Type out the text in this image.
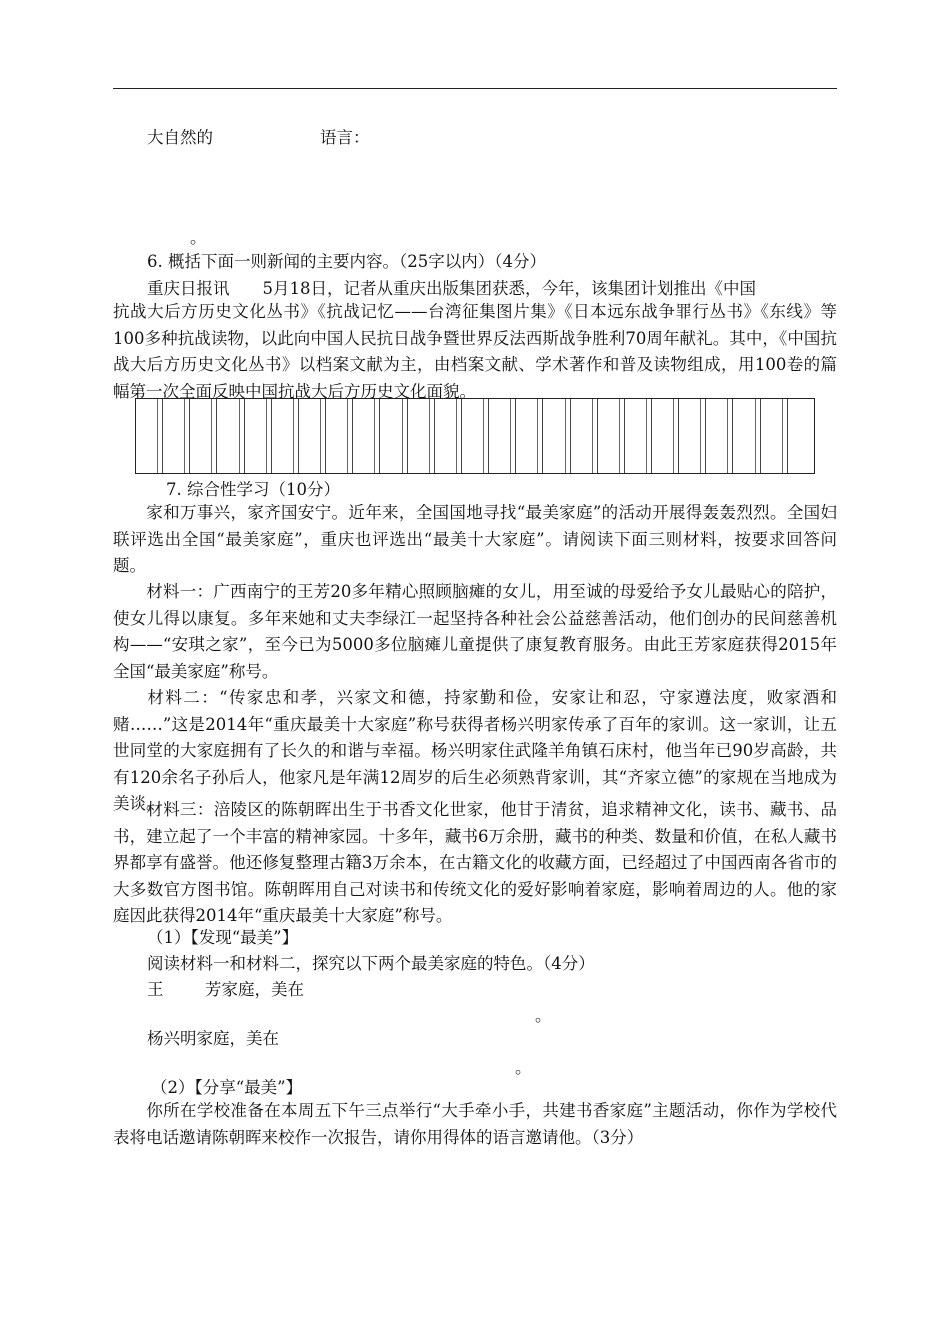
大自然的	语言：
。
6. 概括下面一则新闻的主要内容。（25字以内）（4分）
重庆日报讯　　5月18日，记者从重庆出版集团获悉，今年，该集团计划推出《中国
抗战大后方历史文化丛书》《抗战记忆——台湾征集图片集》《日本远东战争罪行丛书》《东线》等100多种抗战读物，以此向中国人民抗日战争暨世界反法西斯战争胜利70周年献礼。其中，《中国抗战大后方历史文化丛书》以档案文献为主，由档案文献、学术著作和普及读物组成，用100卷的篇幅第一次全面反映中国抗战大后方历史文化面貌。
7. 综合性学习（10分）
家和万事兴，家齐国安宁。近年来，全国国地寻找“最美家庭”的活动开展得轰轰烈烈。全国妇联评选出全国“最美家庭”，重庆也评选出“最美十大家庭”。请阅读下面三则材料，按要求回答问题。
材料一：广西南宁的王芳20多年精心照顾脑瘫的女儿，用至诚的母爱给予女儿最贴心的陪护，使女儿得以康复。多年来她和丈夫李绿江一起坚持各种社会公益慈善活动，他们创办的民间慈善机构——“安琪之家”，至今已为5000多位脑瘫儿童提供了康复教育服务。由此王芳家庭获得2015年全国“最美家庭”称号。
材料二：“传家忠和孝，兴家文和德，持家勤和俭，安家让和忍，守家遵法度，败家酒和赌……”这是2014年“重庆最美十大家庭”称号获得者杨兴明家传承了百年的家训。这一家训，让五世同堂的大家庭拥有了长久的和谐与幸福。杨兴明家住武隆羊角镇石床村，他当年已90岁高龄，共有120余名子孙后人，他家凡是年满12周岁的后生必须熟背家训，其“齐家立德”的家规在当地成为美谈。
材料三：涪陵区的陈朝晖出生于书香文化世家，他甘于清贫，追求精神文化，读书、藏书、品书，建立起了一个丰富的精神家园。十多年，藏书6万余册，藏书的种类、数量和价值，在私人藏书界都享有盛誉。他还修复整理古籍3万余本，在古籍文化的收藏方面，已经超过了中国西南各省市的大多数官方图书馆。陈朝晖用自己对读书和传统文化的爱好影响着家庭，影响着周边的人。他的家庭因此获得2014年“重庆最美十大家庭”称号。
（1）【发现“最美”】
阅读材料一和材料二，探究以下两个最美家庭的特色。（4分）
王	芳家庭，美在
。
杨兴明家庭，美在
。
（2）【分享“最美”】
你所在学校准备在本周五下午三点举行“大手牵小手，共建书香家庭”主题活动，你作为学校代表将电话邀请陈朝晖来校作一次报告，请你用得体的语言邀请他。（3分）
